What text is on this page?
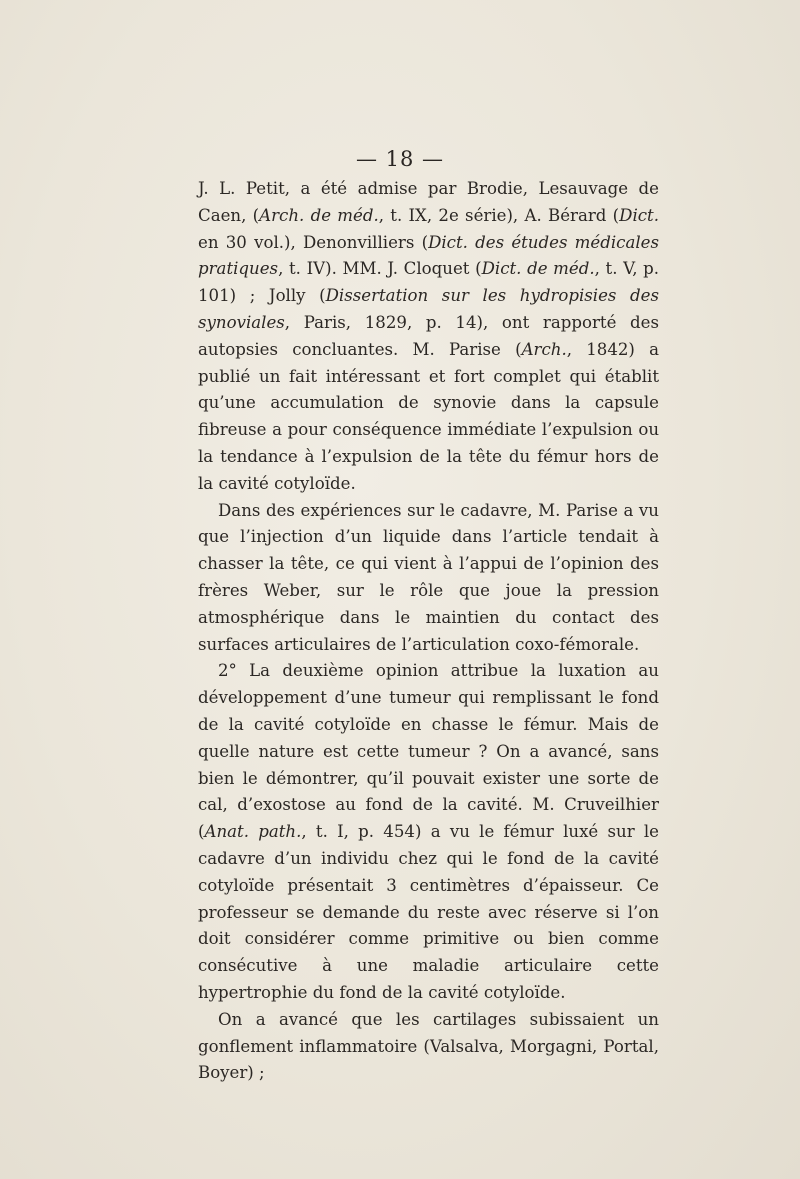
— 18 —

J. L. Petit, a été admise par Brodie, Lesauvage de Caen, (Arch. de méd., t. IX, 2e série), A. Bérard (Dict. en 30 vol.), Denonvilliers (Dict. des études médicales pratiques, t. IV). MM. J. Cloquet (Dict. de méd., t. V, p. 101) ; Jolly (Dissertation sur les hydropisies des synoviales, Paris, 1829, p. 14), ont rapporté des autopsies concluantes. M. Parise (Arch., 1842) a publié un fait intéressant et fort complet qui établit qu’une accumulation de synovie dans la capsule fibreuse a pour conséquence immédiate l’expulsion ou la tendance à l’expulsion de la tête du fémur hors de la cavité cotyloïde.

Dans des expériences sur le cadavre, M. Parise a vu que l’injection d’un liquide dans l’article tendait à chasser la tête, ce qui vient à l’appui de l’opinion des frères Weber, sur le rôle que joue la pression atmosphérique dans le maintien du contact des surfaces articulaires de l’articulation coxo-fémorale.

2° La deuxième opinion attribue la luxation au développement d’une tumeur qui remplissant le fond de la cavité cotyloïde en chasse le fémur. Mais de quelle nature est cette tumeur ? On a avancé, sans bien le démontrer, qu’il pouvait exister une sorte de cal, d’exostose au fond de la cavité. M. Cruveilhier (Anat. path., t. I, p. 454) a vu le fémur luxé sur le cadavre d’un individu chez qui le fond de la cavité cotyloïde présentait 3 centimètres d’épaisseur. Ce professeur se demande du reste avec réserve si l’on doit considérer comme primitive ou bien comme consécutive à une maladie articulaire cette hypertrophie du fond de la cavité cotyloïde.

On a avancé que les cartilages subissaient un gonflement inflammatoire (Valsalva, Morgagni, Portal, Boyer) ;
